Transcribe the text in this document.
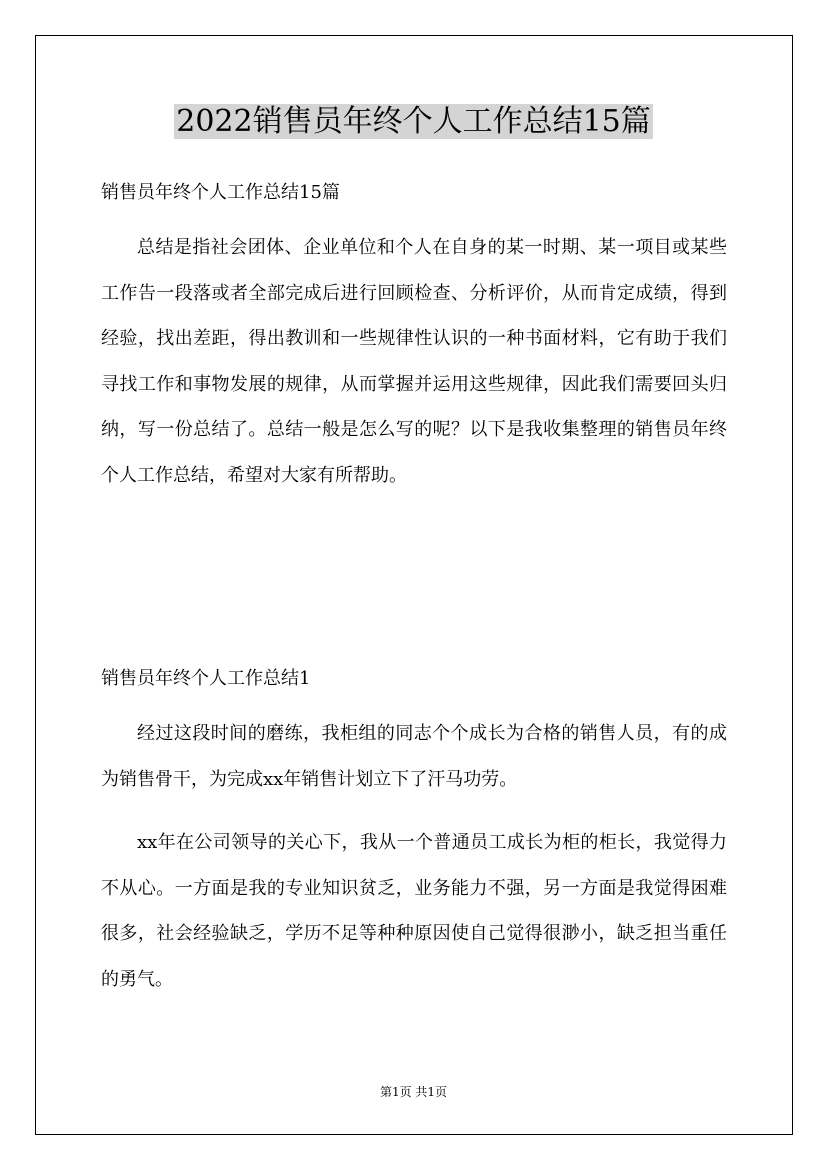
2022销售员年终个人工作总结15篇

销售员年终个人工作总结15篇

总结是指社会团体、企业单位和个人在自身的某一时期、某一项目或某些工作告一段落或者全部完成后进行回顾检查、分析评价，从而肯定成绩，得到经验，找出差距，得出教训和一些规律性认识的一种书面材料，它有助于我们寻找工作和事物发展的规律，从而掌握并运用这些规律，因此我们需要回头归纳，写一份总结了。总结一般是怎么写的呢？以下是我收集整理的销售员年终个人工作总结，希望对大家有所帮助。

销售员年终个人工作总结1

经过这段时间的磨练，我柜组的同志个个成长为合格的销售人员，有的成为销售骨干，为完成xx年销售计划立下了汗马功劳。

xx年在公司领导的关心下，我从一个普通员工成长为柜的柜长，我觉得力不从心。一方面是我的专业知识贫乏，业务能力不强，另一方面是我觉得困难很多，社会经验缺乏，学历不足等种种原因使自己觉得很渺小，缺乏担当重任的勇气。

第1页 共1页
